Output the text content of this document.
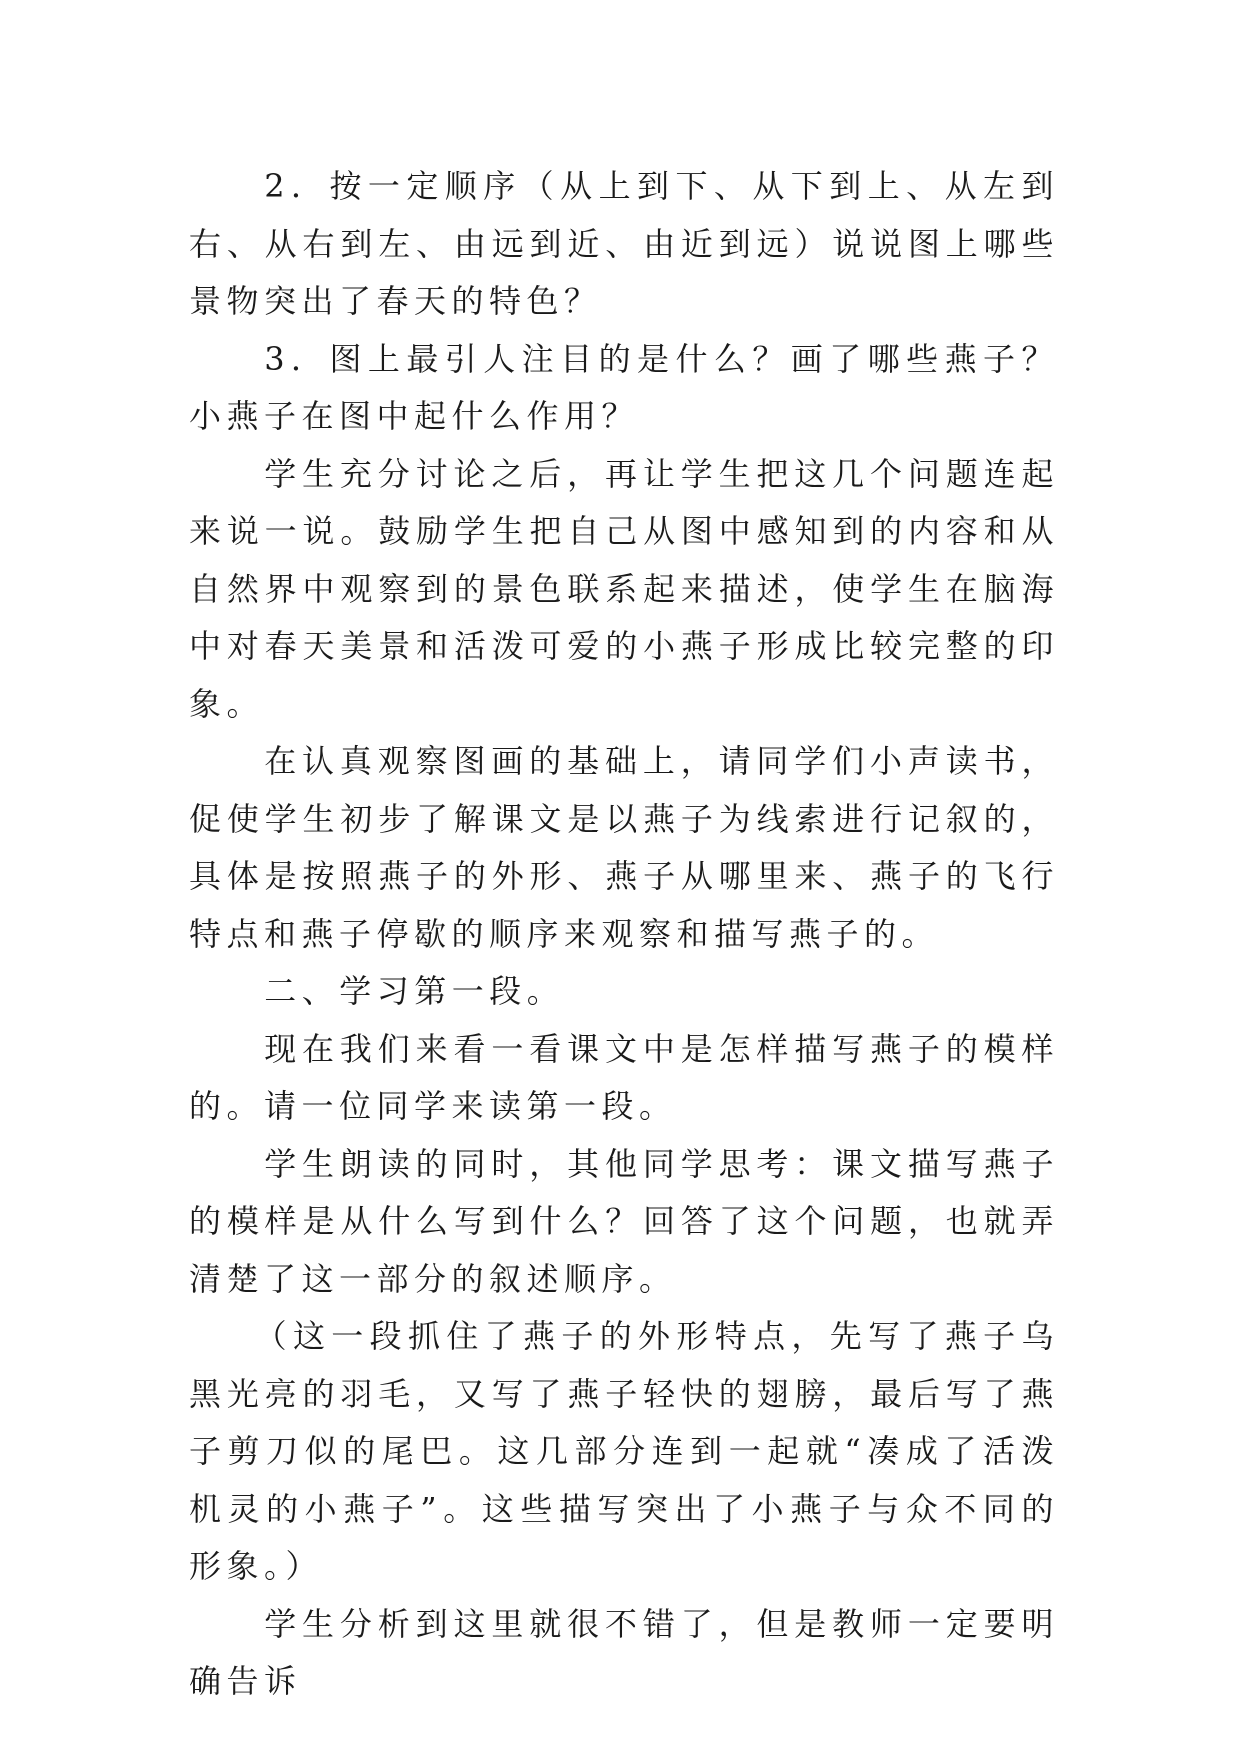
2．按一定顺序（从上到下、从下到上、从左到右、从右到左、由远到近、由近到远）说说图上哪些景物突出了春天的特色？

3．图上最引人注目的是什么？画了哪些燕子？小燕子在图中起什么作用？

学生充分讨论之后，再让学生把这几个问题连起来说一说。鼓励学生把自己从图中感知到的内容和从自然界中观察到的景色联系起来描述，使学生在脑海中对春天美景和活泼可爱的小燕子形成比较完整的印象。

在认真观察图画的基础上，请同学们小声读书，促使学生初步了解课文是以燕子为线索进行记叙的，具体是按照燕子的外形、燕子从哪里来、燕子的飞行特点和燕子停歇的顺序来观察和描写燕子的。

二、学习第一段。

现在我们来看一看课文中是怎样描写燕子的模样的。请一位同学来读第一段。

学生朗读的同时，其他同学思考：课文描写燕子的模样是从什么写到什么？回答了这个问题，也就弄清楚了这一部分的叙述顺序。

（这一段抓住了燕子的外形特点，先写了燕子乌黑光亮的羽毛，又写了燕子轻快的翅膀，最后写了燕子剪刀似的尾巴。这几部分连到一起就“凑成了活泼机灵的小燕子”。这些描写突出了小燕子与众不同的形象。）

学生分析到这里就很不错了，但是教师一定要明确告诉
